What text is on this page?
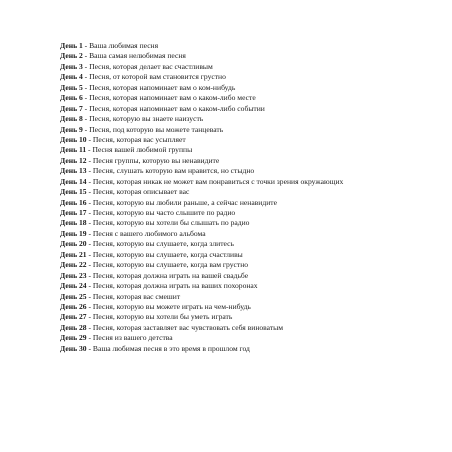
День 1 - Ваша любимая песня
День 2 - Ваша самая нелюбимая песня
День 3 - Песня, которая делает вас счастливым
День 4 - Песня, от которой вам становится грустно
День 5 - Песня, которая напоминает вам о ком-нибудь
День 6 - Песня, которая напоминает вам о каком-либо месте
День 7 - Песня, которая напоминает вам о каком-либо событии
День 8 - Песня, которую вы знаете наизусть
День 9 - Песня, под которую вы можете танцевать
День 10 - Песня, которая вас усыпляет
День 11 - Песня вашей любимой группы
День 12 - Песня группы, которую вы ненавидите
День 13 - Песня, слушать которую вам нравится, но стыдно
День 14 - Песня, которая никак не может вам понравиться с точки зрения окружающих
День 15 - Песня, которая описывает вас
День 16 - Песня, которую вы любили раньше, а сейчас ненавидите
День 17 - Песня, которую вы часто слышите по радио
День 18 - Песня, которую вы хотели бы слышать по радио
День 19 - Песня с вашего любимого альбома
День 20 - Песня, которую вы слушаете, когда злитесь
День 21 - Песня, которую вы слушаете, когда счастливы
День 22 - Песня, которую вы слушаете, когда вам грустно
День 23 - Песня, которая должна играть на вашей свадьбе
День 24 - Песня, которая должна играть на ваших похоронах
День 25 - Песня, которая вас смешит
День 26 - Песня, которую вы можете играть на чем-нибудь
День 27 - Песня, которую вы хотели бы уметь играть
День 28 - Песня, которая заставляет вас чувствовать себя виноватым
День 29 - Песня из вашего детства
День 30 - Ваша любимая песня в это время в прошлом год
